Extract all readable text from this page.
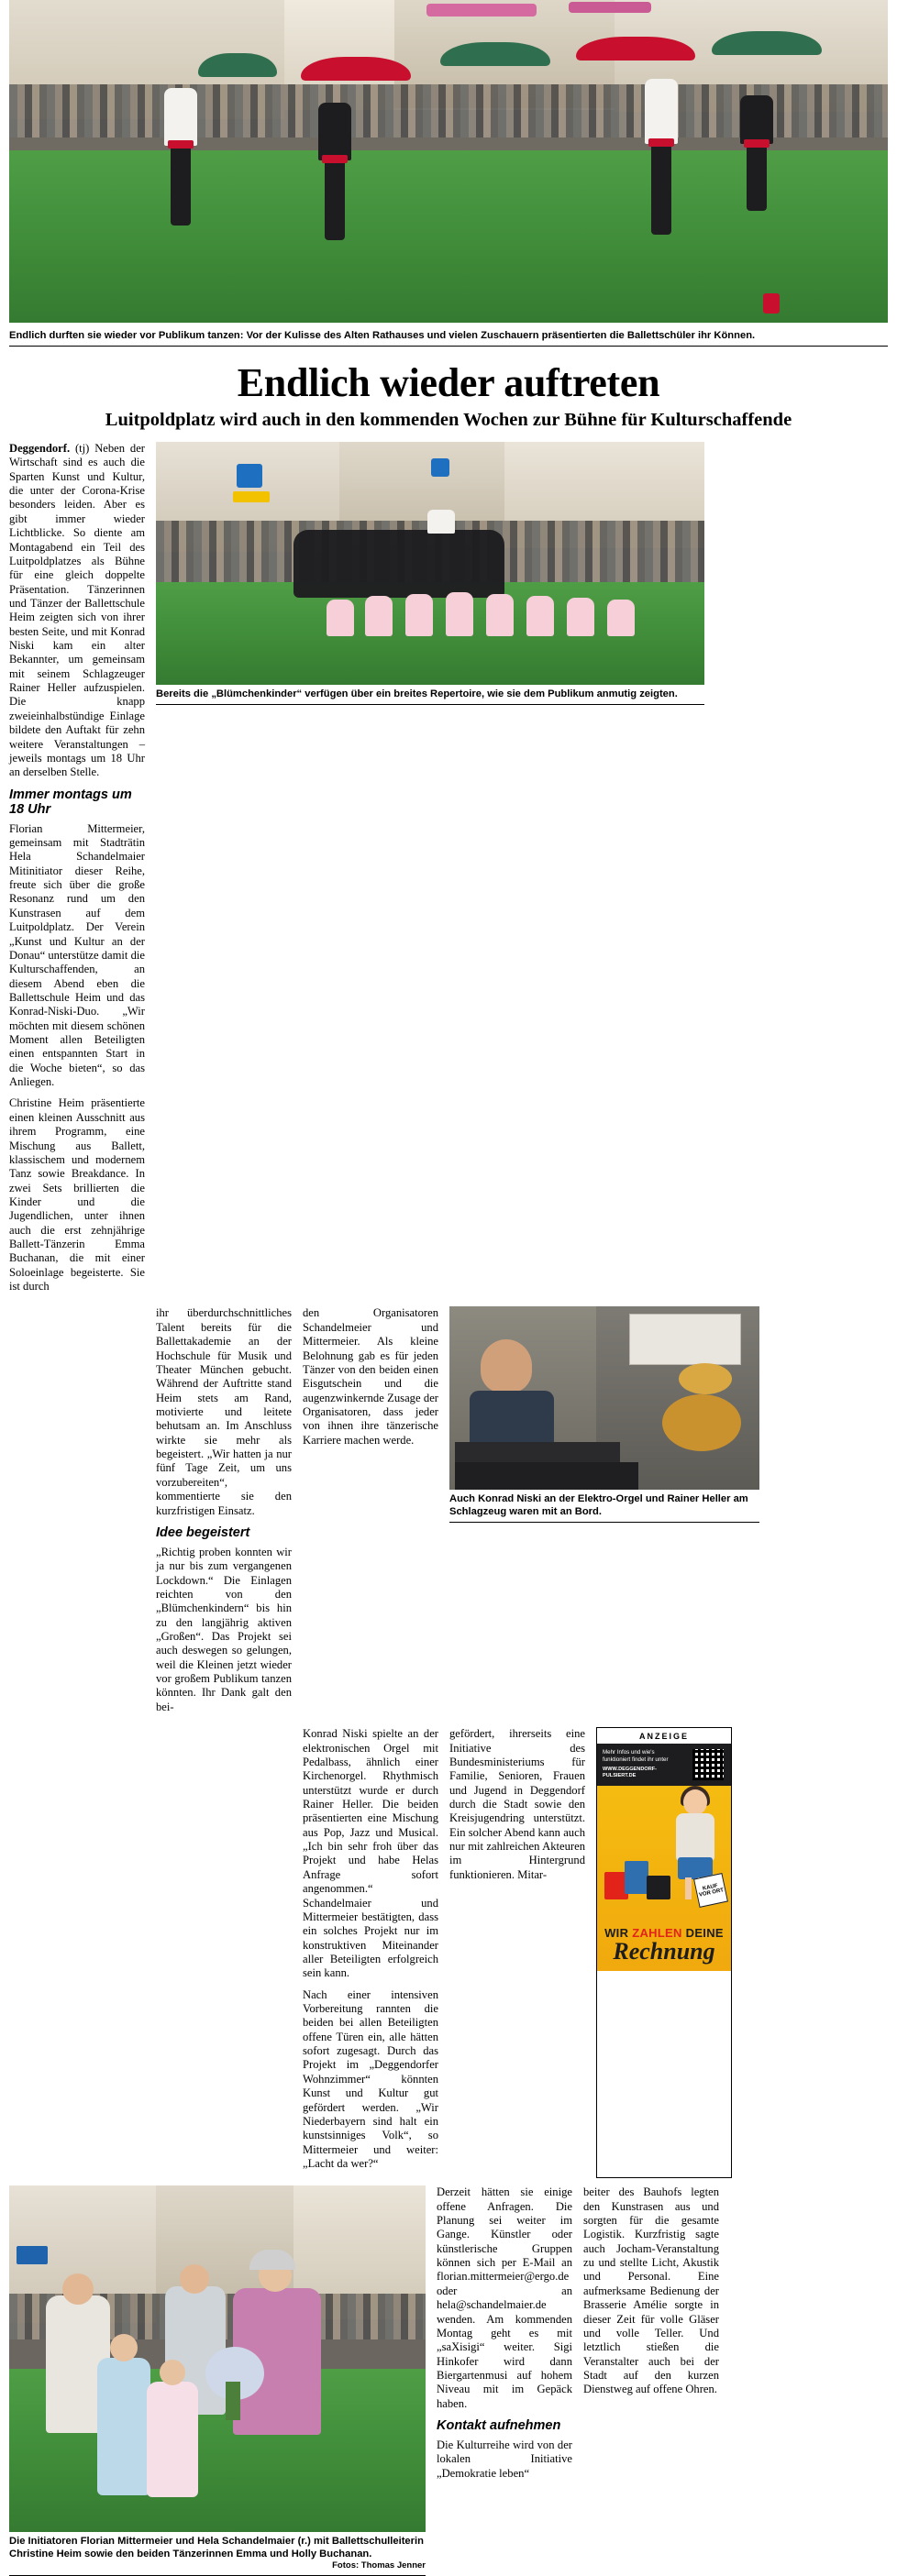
Endlich durften sie wieder vor Publikum tanzen: Vor der Kulisse des Alten Rathauses und vielen Zuschauern präsentierten die Ballettschüler ihr Können.
Endlich wieder auftreten
Luitpoldplatz wird auch in den kommenden Wochen zur Bühne für Kulturschaffende

Deggendorf. (tj) Neben der Wirtschaft sind es auch die Sparten Kunst und Kultur, die unter der Corona-Krise besonders leiden. Aber es gibt immer wieder Lichtblicke. So diente am Montagabend ein Teil des Luitpoldplatzes als Bühne für eine gleich doppelte Präsentation. Tänzerinnen und Tänzer der Ballettschule Heim zeigten sich von ihrer besten Seite, und mit Konrad Niski kam ein alter Bekannter, um gemeinsam mit seinem Schlagzeuger Rainer Heller aufzuspielen. Die knapp zweieinhalbstündige Einlage bildete den Auftakt für zehn weitere Veranstaltungen – jeweils montags um 18 Uhr an derselben Stelle.

Immer montags um 18 Uhr

Florian Mittermeier, gemeinsam mit Stadträtin Hela Schandelmaier Mitinitiator dieser Reihe, freute sich über die große Resonanz rund um den Kunstrasen auf dem Luitpoldplatz. Der Verein „Kunst und Kultur an der Donau“ unterstütze damit die Kulturschaffenden, an diesem Abend eben die Ballettschule Heim und das Konrad-Niski-Duo. „Wir möchten mit diesem schönen Moment allen Beteiligten einen entspannten Start in die Woche bieten“, so das Anliegen.

Christine Heim präsentierte einen kleinen Ausschnitt aus ihrem Programm, eine Mischung aus Ballett, klassischem und modernem Tanz sowie Breakdance. In zwei Sets brillierten die Kinder und die Jugendlichen, unter ihnen auch die erst zehnjährige Ballett-Tänzerin Emma Buchanan, die mit einer Soloeinlage begeisterte. Sie ist durch

Bereits die „Blümchenkinder“ verfügen über ein breites Repertoire, wie sie dem Publikum anmutig zeigten.

ihr überdurchschnittliches Talent bereits für die Ballettakademie an der Hochschule für Musik und Theater München gebucht. Während der Auftritte stand Heim stets am Rand, motivierte und leitete behutsam an. Im Anschluss wirkte sie mehr als begeistert. „Wir hatten ja nur fünf Tage Zeit, um uns vorzubereiten“, kommentierte sie den kurzfristigen Einsatz.

Idee begeistert

„Richtig proben konnten wir ja nur bis zum vergangenen Lockdown.“ Die Einlagen reichten von den „Blümchenkindern“ bis hin zu den langjährig aktiven „Großen“. Das Projekt sei auch deswegen so gelungen, weil die Kleinen jetzt wieder vor großem Publikum tanzen könnten. Ihr Dank galt den bei-

den Organisatoren Schandelmeier und Mittermeier. Als kleine Belohnung gab es für jeden Tänzer von den beiden einen Eisgutschein und die augenzwinkernde Zusage der Organisatoren, dass jeder von ihnen ihre tänzerische Karriere machen werde.

Auch Konrad Niski an der Elektro-Orgel und Rainer Heller am Schlagzeug waren mit an Bord.

Konrad Niski spielte an der elektronischen Orgel mit Pedalbass, ähnlich einer Kirchenorgel. Rhythmisch unterstützt wurde er durch Rainer Heller. Die beiden präsentierten eine Mischung aus Pop, Jazz und Musical. „Ich bin sehr froh über das Projekt und habe Helas Anfrage sofort angenommen.“ Schandelmaier und Mittermeier bestätigten, dass ein solches Projekt nur im konstruktiven Miteinander aller Beteiligten erfolgreich sein kann.

Nach einer intensiven Vorbereitung rannten die beiden bei allen Beteiligten offene Türen ein, alle hätten sofort zugesagt. Durch das Projekt im „Deggendorfer Wohnzimmer“ könnten Kunst und Kultur gut gefördert werden. „Wir Niederbayern sind halt ein kunstsinniges Volk“, so Mittermeier und weiter: „Lacht da wer?“

gefördert, ihrerseits eine Initiative des Bundesministeriums für Familie, Senioren, Frauen und Jugend in Deggendorf durch die Stadt sowie den Kreisjugendring unterstützt. Ein solcher Abend kann auch nur mit zahlreichen Akteuren im Hintergrund funktionieren. Mitar-

ANZEIGE
Mehr Infos und wie's funktioniert findet ihr unter
WWW.DEGGENDORF-PULSIERT.DE
KAUF VOR ORT
WIR ZAHLEN DEINE
Rechnung
Die Initiatoren Florian Mittermeier und Hela Schandelmaier (r.) mit Ballettschulleiterin Christine Heim sowie den beiden Tänzerinnen Emma und Holly Buchanan.
Fotos: Thomas Jenner

Derzeit hätten sie einige offene Anfragen. Die Planung sei weiter im Gange. Künstler oder künstlerische Gruppen können sich per E-Mail an florian.mittermeier@ergo.de oder an hela@schandelmaier.de wenden. Am kommenden Montag geht es mit „saXisigi“ weiter. Sigi Hinkofer wird dann Biergartenmusi auf hohem Niveau mit im Gepäck haben.

Kontakt aufnehmen

Die Kulturreihe wird von der lokalen Initiative „Demokratie leben“

beiter des Bauhofs legten den Kunstrasen aus und sorgten für die gesamte Logistik. Kurzfristig sagte auch Jocham-Veranstaltung zu und stellte Licht, Akustik und Personal. Eine aufmerksame Bedienung der Brasserie Amélie sorgte in dieser Zeit für volle Gläser und volle Teller. Und letztlich stießen die Veranstalter auch bei der Stadt auf den kurzen Dienstweg auf offene Ohren.
